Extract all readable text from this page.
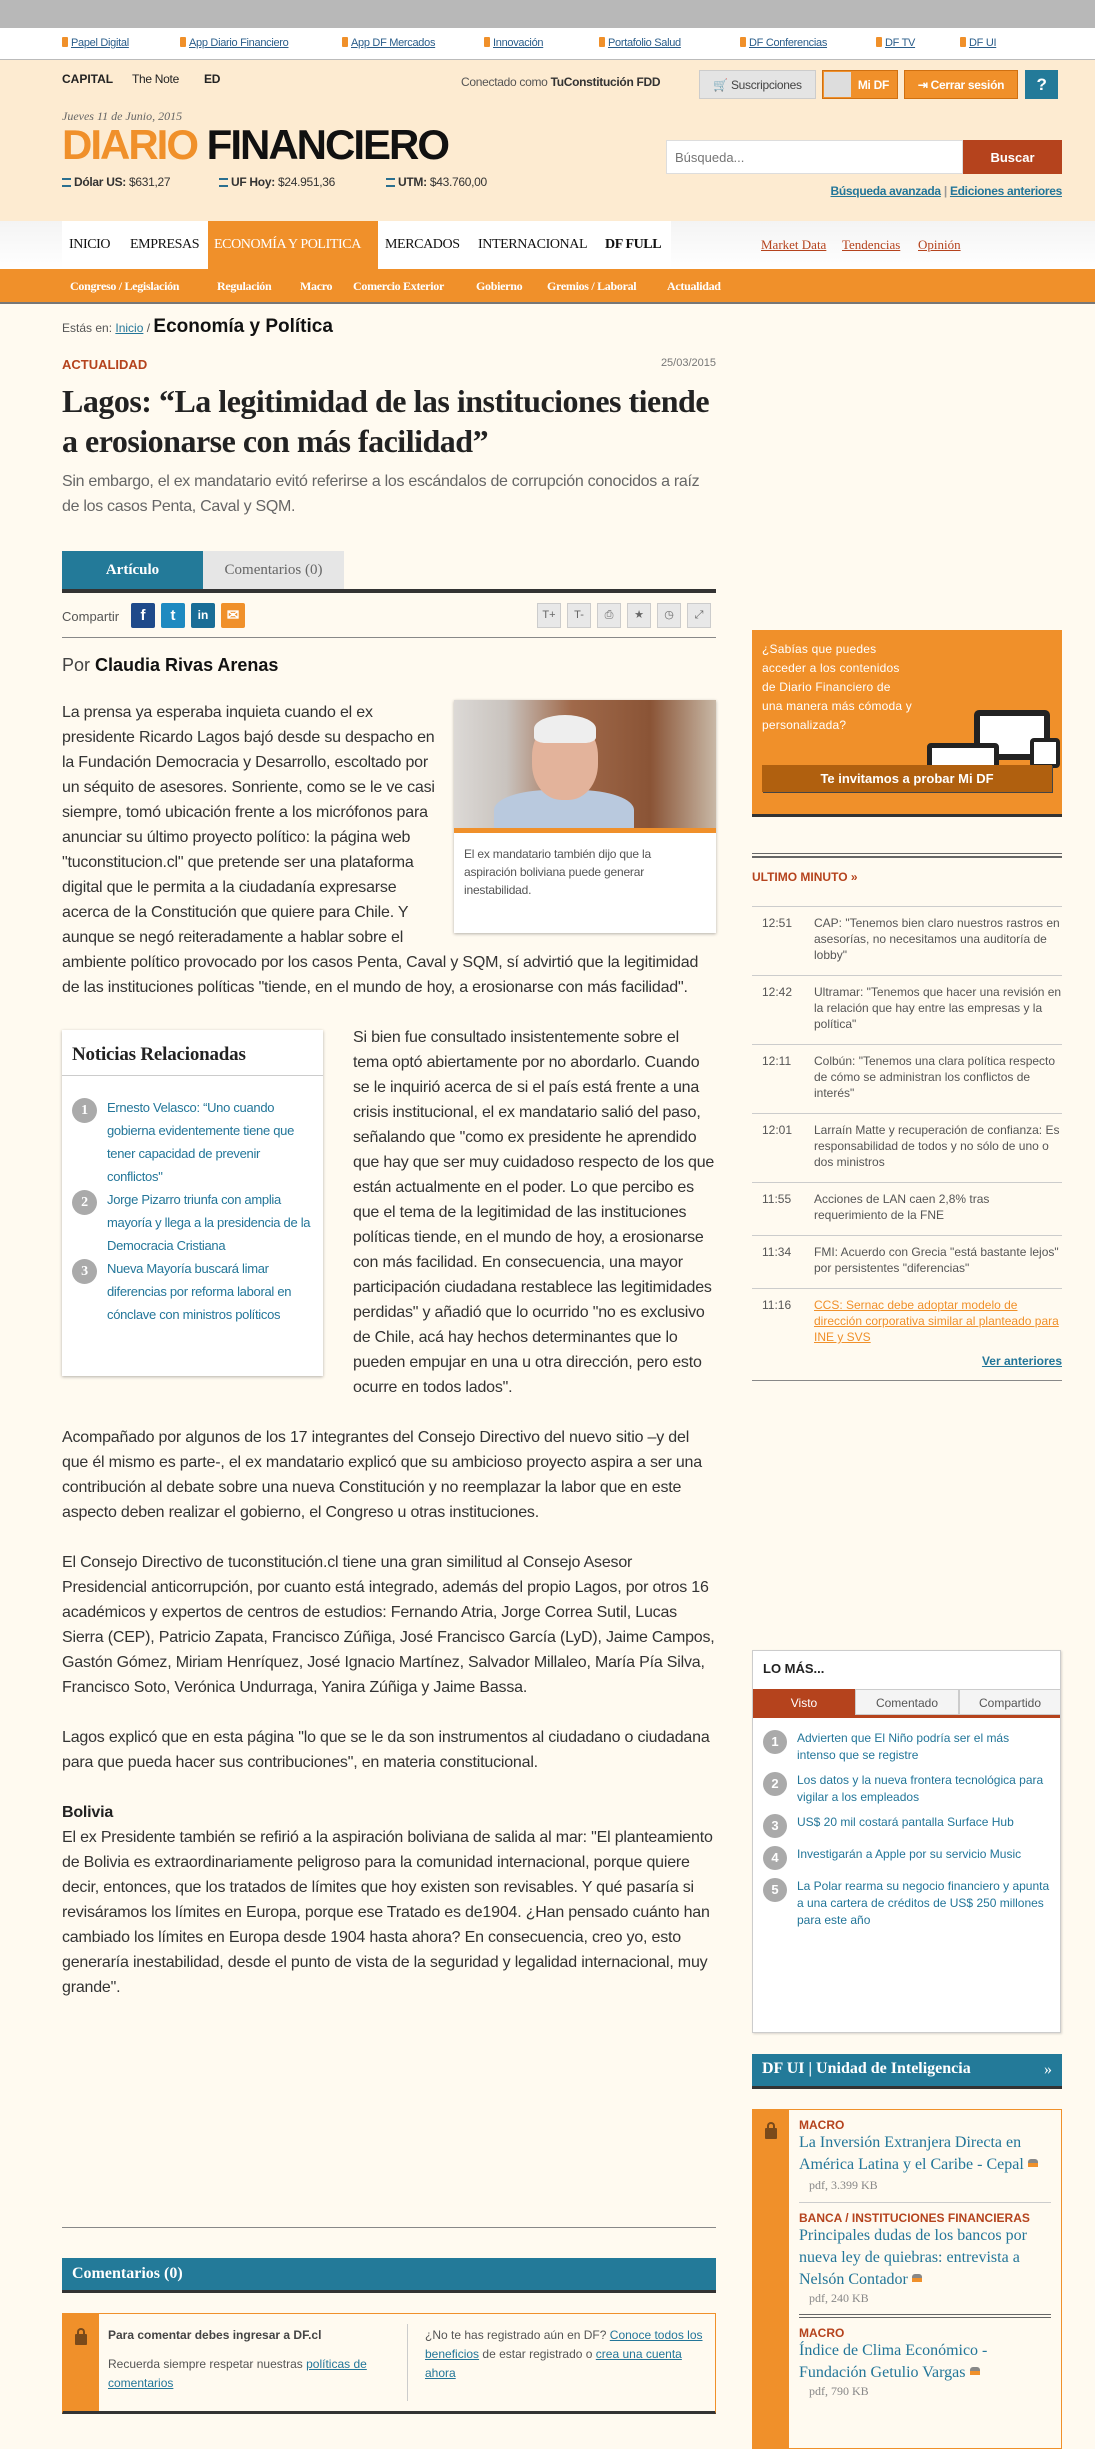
Papel Digital	App Diario Financiero	App DF Mercados	Innovación	Portafolio Salud	DF Conferencias	DF TV	DF UI
CAPITAL The Note ED	Conectado como TuConstitución FDD	🛒 Suscripciones	Mi DF	⇥ Cerrar sesión	?
Jueves 11 de Junio, 2015
DIARIO FINANCIERO
Dólar US: $631,27	UF Hoy: $24.951,36	UTM: $43.760,00
Búsqueda...
Buscar
Búsqueda avanzada | Ediciones anteriores
INICIO EMPRESAS	ECONOMÍA Y POLITICA	MERCADOS INTERNACIONAL DF FULL	Market Data Tendencias Opinión
Congreso / Legislación	Regulación Macro Comercio Exterior	Gobierno Gremios / Laboral	Actualidad
Estás en: Inicio / Economía y Política
ACTUALIDAD	25/03/2015
Lagos: “La legitimidad de las instituciones tiende a erosionarse con más facilidad”
Sin embargo, el ex mandatario evitó referirse a los escándalos de corrupción conocidos a raíz de los casos Penta, Caval y SQM.
Artículo	Comentarios (0)
Compartir	f	t	in	✉	T+	T-	⎙	★	◷	⤢
Por Claudia Rivas Arenas
El ex mandatario también dijo que la aspiración boliviana puede generar inestabilidad.

La prensa ya esperaba inquieta cuando el ex presidente Ricardo Lagos bajó desde su despacho en la Fundación Democracia y Desarrollo, escoltado por un séquito de asesores. Sonriente, como se le ve casi siempre, tomó ubicación frente a los micrófonos para anunciar su último proyecto político: la página web "tuconstitucion.cl" que pretende ser una plataforma digital que le permita a la ciudadanía expresarse acerca de la Constitución que quiere para Chile. Y aunque se negó reiteradamente a hablar sobre el ambiente político provocado por los casos Penta, Caval y SQM, sí advirtió que la legitimidad de las instituciones políticas "tiende, en el mundo de hoy, a erosionarse con más facilidad".

Noticias Relacionadas
1	Ernesto Velasco: “Uno cuando gobierna evidentemente tiene que tener capacidad de prevenir conflictos"
2	Jorge Pizarro triunfa con amplia mayoría y llega a la presidencia de la Democracia Cristiana
3	Nueva Mayoría buscará limar diferencias por reforma laboral en cónclave con ministros políticos

Si bien fue consultado insistentemente sobre el tema optó abiertamente por no abordarlo. Cuando se le inquirió acerca de si el país está frente a una crisis institucional, el ex mandatario salió del paso, señalando que "como ex presidente he aprendido que hay que ser muy cuidadoso respecto de los que están actualmente en el poder. Lo que percibo es que el tema de la legitimidad de las instituciones políticas tiende, en el mundo de hoy, a erosionarse con más facilidad. En consecuencia, una mayor participación ciudadana restablece las legitimidades perdidas" y añadió que lo ocurrido "no es exclusivo de Chile, acá hay hechos determinantes que lo pueden empujar en una u otra dirección, pero esto ocurre en todos lados".

Acompañado por algunos de los 17 integrantes del Consejo Directivo del nuevo sitio –y del que él mismo es parte-, el ex mandatario explicó que su ambicioso proyecto aspira a ser una contribución al debate sobre una nueva Constitución y no reemplazar la labor que en este aspecto deben realizar el gobierno, el Congreso u otras instituciones.

El Consejo Directivo de tuconstitución.cl tiene una gran similitud al Consejo Asesor Presidencial anticorrupción, por cuanto está integrado, además del propio Lagos, por otros 16 académicos y expertos de centros de estudios: Fernando Atria, Jorge Correa Sutil, Lucas Sierra (CEP), Patricio Zapata, Francisco Zúñiga, José Francisco García (LyD), Jaime Campos, Gastón Gómez, Miriam Henríquez, José Ignacio Martínez, Salvador Millaleo, María Pía Silva, Francisco Soto, Verónica Undurraga, Yanira Zúñiga y Jaime Bassa.

Lagos explicó que en esta página "lo que se le da son instrumentos al ciudadano o ciudadana para que pueda hacer sus contribuciones", en materia constitucional.

Bolivia

El ex Presidente también se refirió a la aspiración boliviana de salida al mar: "El planteamiento de Bolivia es extraordinariamente peligroso para la comunidad internacional, porque quiere decir, entonces, que los tratados de límites que hoy existen son revisables. Y qué pasaría si revisáramos los límites en Europa, porque ese Tratado es de1904. ¿Han pensado cuánto han cambiado los límites en Europa desde 1904 hasta ahora? En consecuencia, creo yo, esto generaría inestabilidad, desde el punto de vista de la seguridad y legalidad internacional, muy grande".

Comentarios (0)
Para comentar debes ingresar a DF.cl
Recuerda siempre respetar nuestras políticas de comentarios
¿No te has registrado aún en DF? Conoce todos los beneficios de estar registrado o crea una cuenta ahora
¿Sabías que puedes acceder a los contenidos de Diario Financiero de una manera más cómoda y personalizada?
Te invitamos a probar Mi DF
ULTIMO MINUTO »
12:51	CAP: "Tenemos bien claro nuestros rastros en asesorías, no necesitamos una auditoría de lobby"
12:42	Ultramar: "Tenemos que hacer una revisión en la relación que hay entre las empresas y la política"
12:11	Colbún: "Tenemos una clara política respecto de cómo se administran los conflictos de interés"
12:01	Larraín Matte y recuperación de confianza: Es responsabilidad de todos y no sólo de uno o dos ministros
11:55	Acciones de LAN caen 2,8% tras requerimiento de la FNE
11:34	FMI: Acuerdo con Grecia "está bastante lejos" por persistentes "diferencias"
11:16	CCS: Sernac debe adoptar modelo de dirección corporativa similar al planteado para INE y SVS
Ver anteriores
LO MÁS...
Visto	Comentado	Compartido
1	Advierten que El Niño podría ser el más intenso que se registre
2	Los datos y la nueva frontera tecnológica para vigilar a los empleados
3	US$ 20 mil costará pantalla Surface Hub
4	Investigarán a Apple por su servicio Music
5	La Polar rearma su negocio financiero y apunta a una cartera de créditos de US$ 250 millones para este año
DF UI | Unidad de Inteligencia	»
MACRO
La Inversión Extranjera Directa en América Latina y el Caribe - Cepalpdf, 3.399 KB
BANCA / INSTITUCIONES FINANCIERAS
Principales dudas de los bancos por nueva ley de quiebras: entrevista a Nelsón Contador
pdf, 240 KB
MACRO
Índice de Clima Económico - Fundación Getulio Vargas
pdf, 790 KB
